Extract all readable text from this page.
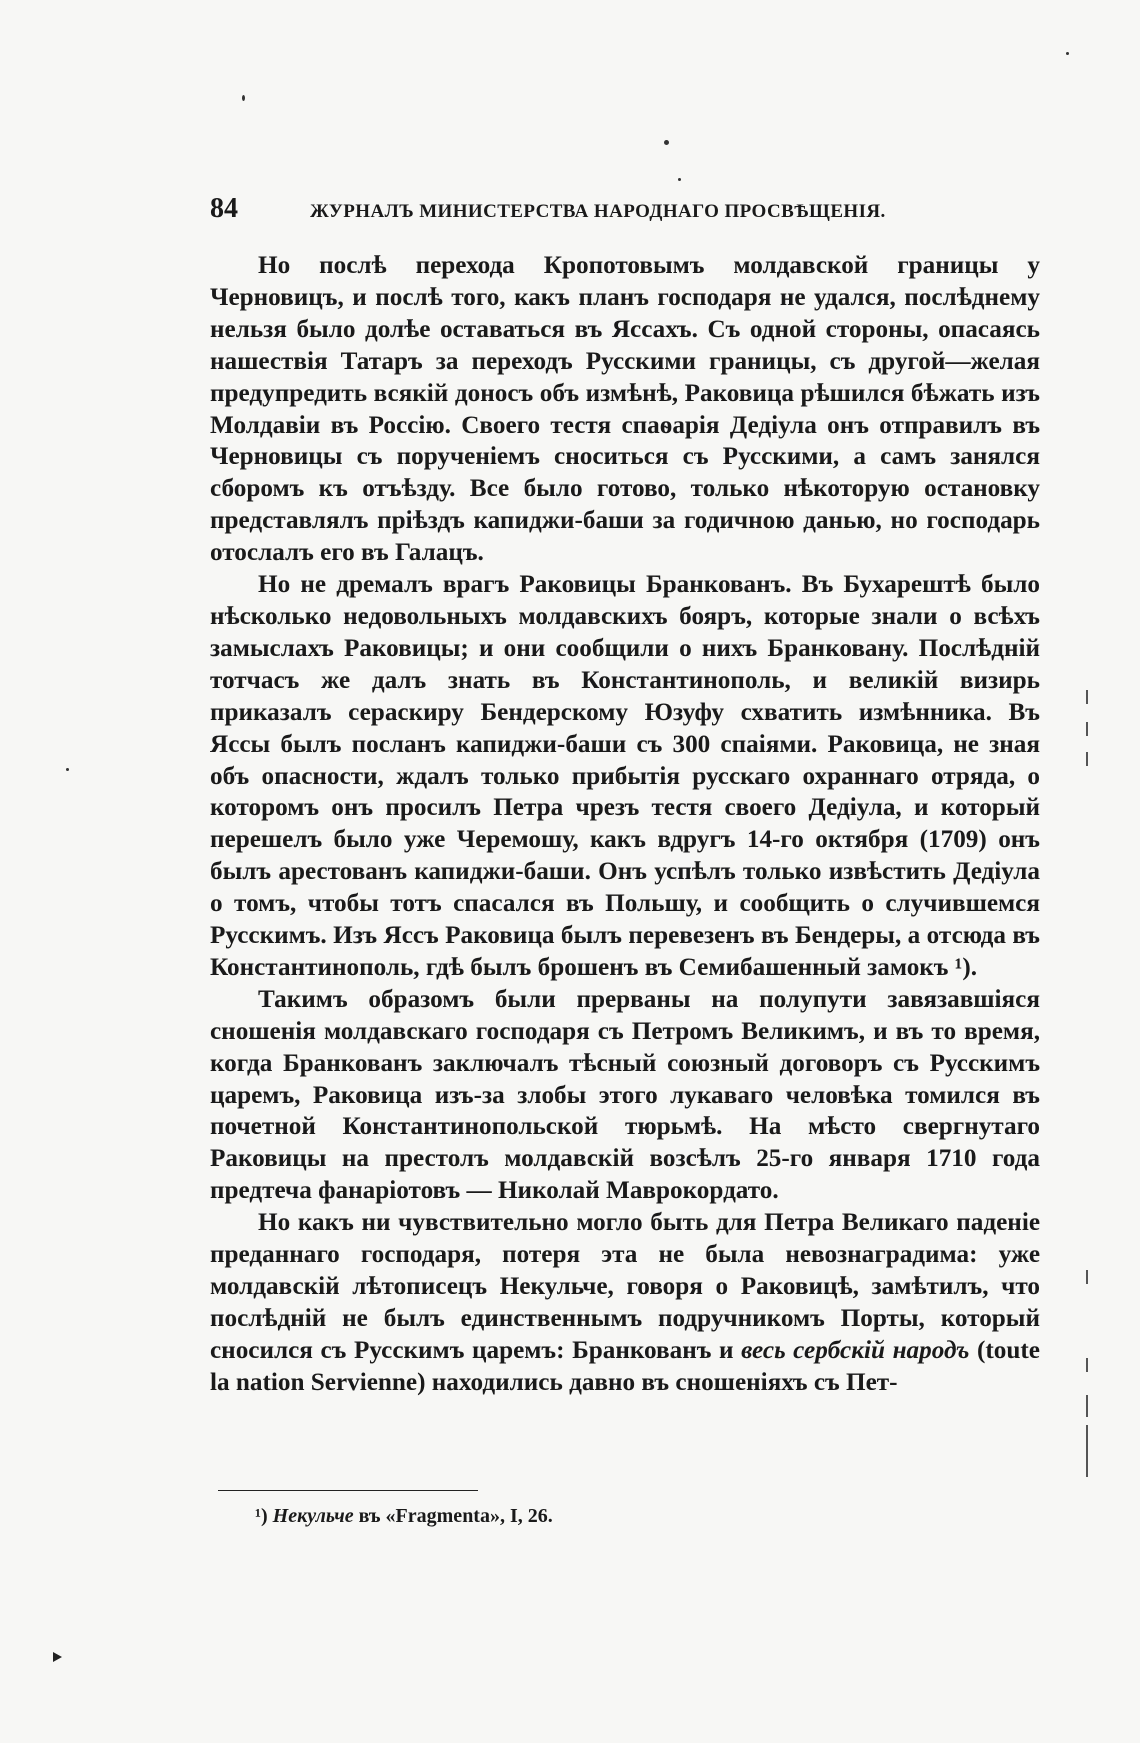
84	ЖУРНАЛЪ МИНИСТЕРСТВА НАРОДНАГО ПРОСВѢЩЕНІЯ.

Но послѣ перехода Кропотовымъ молдавской границы у Черновицъ, и послѣ того, какъ планъ господаря не удался, послѣднему нельзя было долѣе оставаться въ Яссахъ. Съ одной стороны, опасаясь нашествія Татаръ за переходъ Русскими границы, съ другой—желая предупредить всякій доносъ объ измѣнѣ, Раковица рѣшился бѣжать изъ Молдавіи въ Россію. Своего тестя спаѳарія Дедіула онъ отправилъ въ Черновицы съ порученіемъ сноситься съ Русскими, а самъ занялся сборомъ къ отъѣзду. Все было готово, только нѣкоторую остановку представлялъ пріѣздъ капиджи-баши за годичною данью, но господарь отослалъ его въ Галацъ.

Но не дремалъ врагъ Раковицы Бранкованъ. Въ Бухарештѣ было нѣсколько недовольныхъ молдавскихъ бояръ, которые знали о всѣхъ замыслахъ Раковицы; и они сообщили о нихъ Бранковану. Послѣдній тотчасъ же далъ знать въ Константинополь, и великій визирь приказалъ сераскиру Бендерскому Юзуфу схватить измѣнника. Въ Яссы былъ посланъ капиджи-баши съ 300 спаіями. Раковица, не зная объ опасности, ждалъ только прибытія русскаго охраннаго отряда, о которомъ онъ просилъ Петра чрезъ тестя своего Дедіула, и который перешелъ было уже Черемошу, какъ вдругъ 14-го октября (1709) онъ былъ арестованъ капиджи-баши. Онъ успѣлъ только извѣстить Дедіула о томъ, чтобы тотъ спасался въ Польшу, и сообщить о случившемся Русскимъ. Изъ Яссъ Раковица былъ перевезенъ въ Бендеры, а отсюда въ Константинополь, гдѣ былъ брошенъ въ Семибашенный замокъ ¹).

Такимъ образомъ были прерваны на полупути завязавшіяся сношенія молдавскаго господаря съ Петромъ Великимъ, и въ то время, когда Бранкованъ заключалъ тѣсный союзный договоръ съ Русскимъ царемъ, Раковица изъ-за злобы этого лукаваго человѣка томился въ почетной Константинопольской тюрьмѣ. На мѣсто свергнутаго Раковицы на престолъ молдавскій возсѣлъ 25-го января 1710 года предтеча фанаріотовъ — Николай Маврокордато.

Но какъ ни чувствительно могло быть для Петра Великаго паденіе преданнаго господаря, потеря эта не была невознаградима: уже молдавскій лѣтописецъ Некульче, говоря о Раковицѣ, замѣтилъ, что послѣдній не былъ единственнымъ подручникомъ Порты, который сносился съ Русскимъ царемъ: Бранкованъ и весь сербскій народъ (toute la nation Servienne) находились давно въ сношеніяхъ съ Пет-

¹) Некульче въ «Fragmenta», I, 26.
